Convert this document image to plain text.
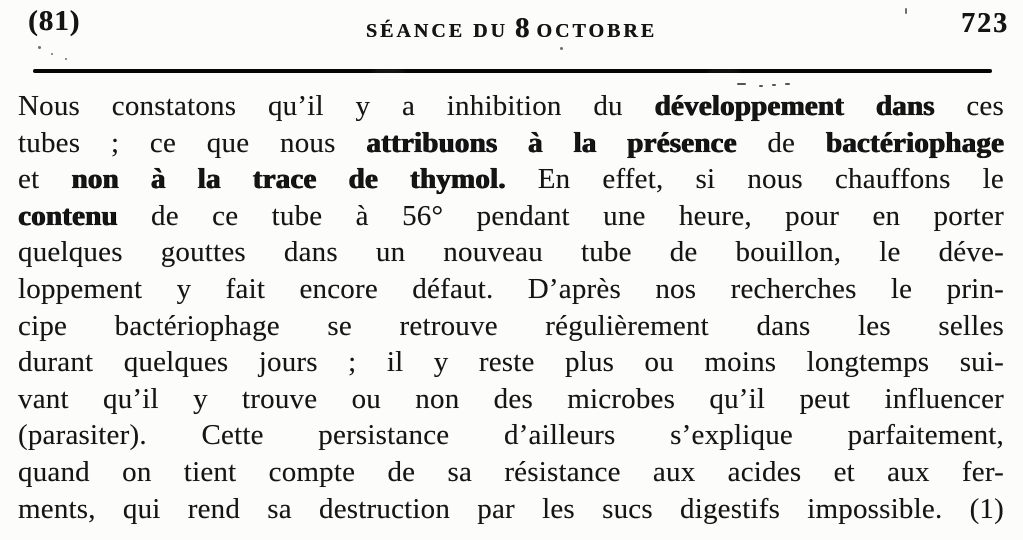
(81)	SÉANCE DU 8 OCTOBRE	723
Nous constatons qu’il y a inhibition du développement dans ces
tubes ; ce que nous attribuons à la présence de bactériophage
et non à la trace de thymol. En effet, si nous chauffons le
contenu de ce tube à 56° pendant une heure, pour en porter
quelques gouttes dans un nouveau tube de bouillon, le déve-
loppement y fait encore défaut. D’après nos recherches le prin-
cipe bactériophage se retrouve régulièrement dans les selles
durant quelques jours ; il y reste plus ou moins longtemps sui-
vant qu’il y trouve ou non des microbes qu’il peut influencer
(parasiter). Cette persistance d’ailleurs s’explique parfaitement,
quand on tient compte de sa résistance aux acides et aux fer-
ments, qui rend sa destruction par les sucs digestifs impossible. (1)
